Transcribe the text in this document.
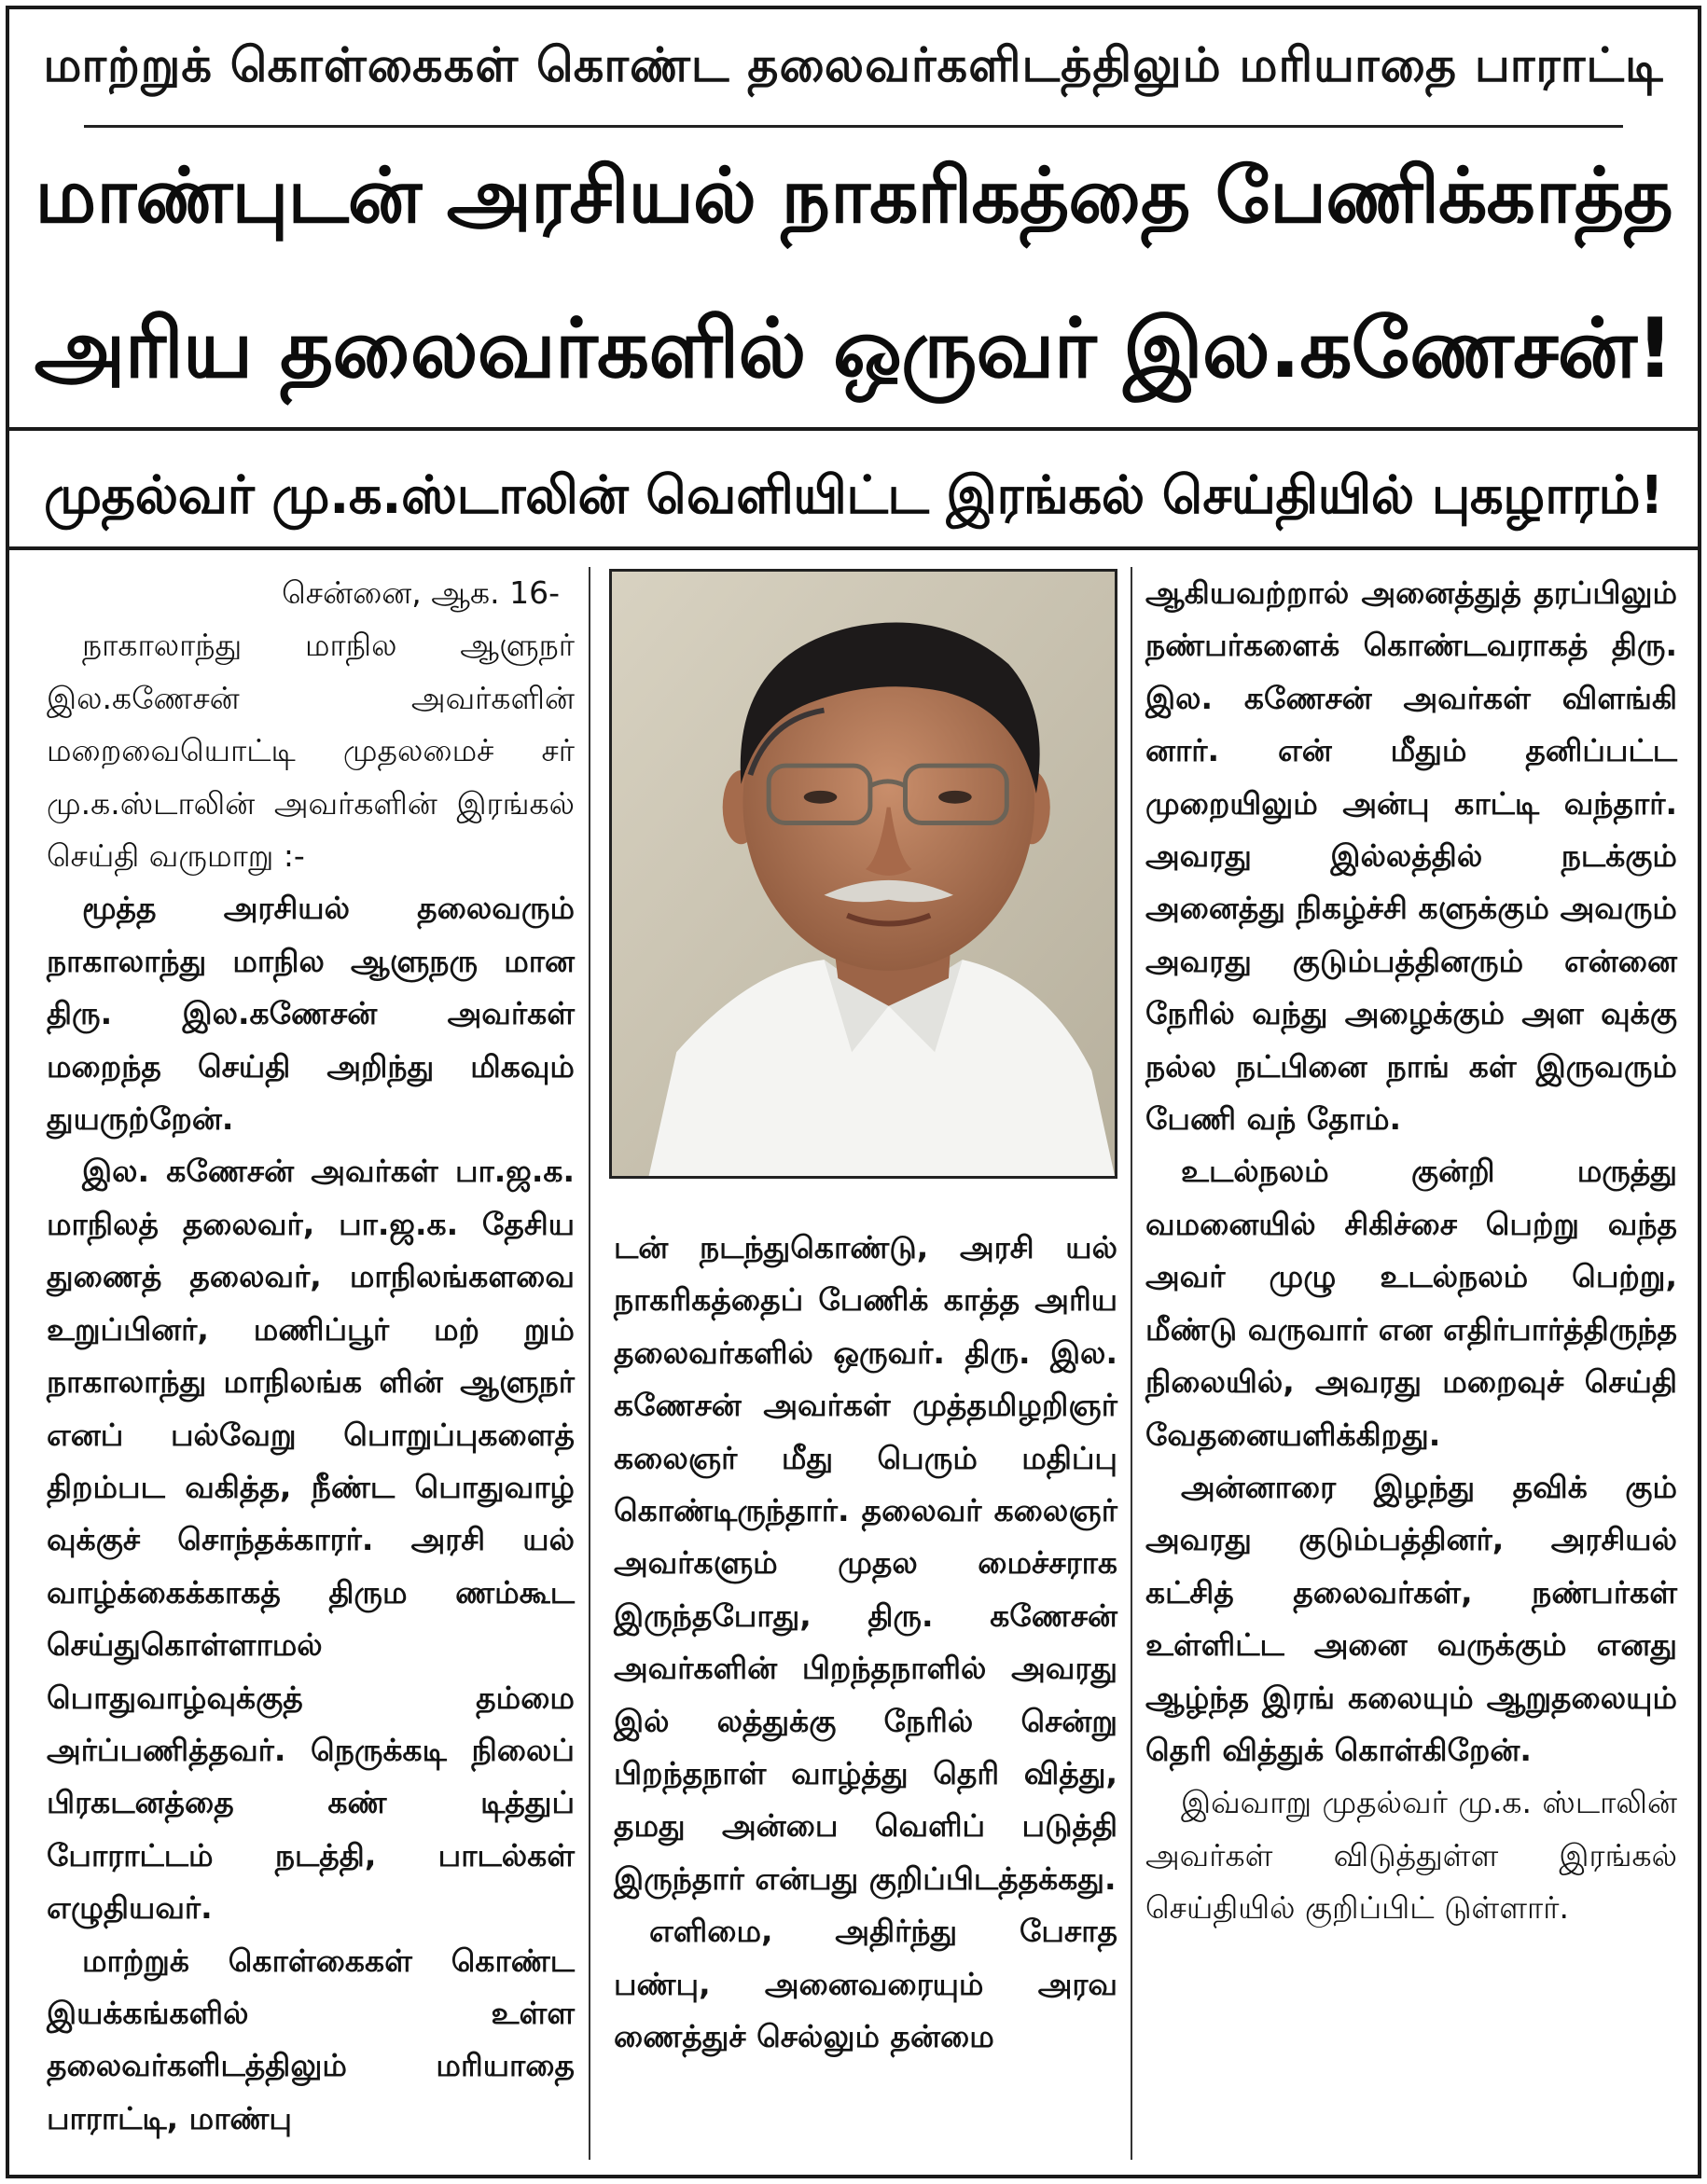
மாற்றுக் கொள்கைகள் கொண்ட தலைவர்களிடத்திலும் மரியாதை பாராட்டி
மாண்புடன் அரசியல் நாகரிகத்தை பேணிக்காத்த
அரிய தலைவர்களில் ஒருவர் இல.கணேசன்!
முதல்வர் மு.க.ஸ்டாலின் வெளியிட்ட இரங்கல் செய்தியில் புகழாரம்!

சென்னை, ஆக. 16-

நாகாலாந்து மாநில ஆளுநர் இல.கணேசன் அவர்களின் மறைவையொட்டி முதலமைச் சர் மு.க.ஸ்டாலின் அவர்களின் இரங்கல் செய்தி வருமாறு :-

மூத்த அரசியல் தலைவரும் நாகாலாந்து மாநில ஆளுநரு மான திரு. இல.கணேசன் அவர்கள் மறைந்த செய்தி அறிந்து மிகவும் துயருற்றேன்.

இல. கணேசன் அவர்கள் பா.ஜ.க. மாநிலத் தலைவர், பா.ஜ.க. தேசிய துணைத் தலைவர், மாநிலங்களவை உறுப்பினர், மணிப்பூர் மற் றும் நாகாலாந்து மாநிலங்க ளின் ஆளுநர் எனப் பல்வேறு பொறுப்புகளைத் திறம்பட வகித்த, நீண்ட பொதுவாழ் வுக்குச் சொந்தக்காரர். அரசி யல் வாழ்க்கைக்காகத் திரும ணம்கூட செய்துகொள்ளாமல் பொதுவாழ்வுக்குத் தம்மை அர்ப்பணித்தவர். நெருக்கடி நிலைப் பிரகடனத்தை கண் டித்துப் போராட்டம் நடத்தி, பாடல்கள் எழுதியவர்.

மாற்றுக் கொள்கைகள் கொண்ட இயக்கங்களில் உள்ள தலைவர்களிடத்திலும் மரியாதை பாராட்டி, மாண்பு

டன் நடந்துகொண்டு, அரசி யல் நாகரிகத்தைப் பேணிக் காத்த அரிய தலைவர்களில் ஒருவர். திரு. இல. கணேசன் அவர்கள் முத்தமிழறிஞர் கலைஞர் மீது பெரும் மதிப்பு கொண்டிருந்தார். தலைவர் கலைஞர் அவர்களும் முதல மைச்சராக இருந்தபோது, திரு. கணேசன் அவர்களின் பிறந்தநாளில் அவரது இல் லத்துக்கு நேரில் சென்று பிறந்தநாள் வாழ்த்து தெரி வித்து, தமது அன்பை வெளிப் படுத்தி இருந்தார் என்பது குறிப்பிடத்தக்கது.

எளிமை, அதிர்ந்து பேசாத பண்பு, அனைவரையும் அரவ ணைத்துச் செல்லும் தன்மை

ஆகியவற்றால் அனைத்துத் தரப்பிலும் நண்பர்களைக் கொண்டவராகத் திரு. இல. கணேசன் அவர்கள் விளங்கி னார். என் மீதும் தனிப்பட்ட முறையிலும் அன்பு காட்டி வந்தார். அவரது இல்லத்தில் நடக்கும் அனைத்து நிகழ்ச்சி களுக்கும் அவரும் அவரது குடும்பத்தினரும் என்னை நேரில் வந்து அழைக்கும் அள வுக்கு நல்ல நட்பினை நாங் கள் இருவரும் பேணி வந் தோம்.

உடல்நலம் குன்றி மருத்து வமனையில் சிகிச்சை பெற்று வந்த அவர் முழு உடல்நலம் பெற்று, மீண்டு வருவார் என எதிர்பார்த்திருந்த நிலையில், அவரது மறைவுச் செய்தி வேதனையளிக்கிறது.

அன்னாரை இழந்து தவிக் கும் அவரது குடும்பத்தினர், அரசியல் கட்சித் தலைவர்கள், நண்பர்கள் உள்ளிட்ட அனை வருக்கும் எனது ஆழ்ந்த இரங் கலையும் ஆறுதலையும் தெரி வித்துக் கொள்கிறேன்.

இவ்வாறு முதல்வர் மு.க. ஸ்டாலின் அவர்கள் விடுத்துள்ள இரங்கல் செய்தியில் குறிப்பிட் டுள்ளார்.
